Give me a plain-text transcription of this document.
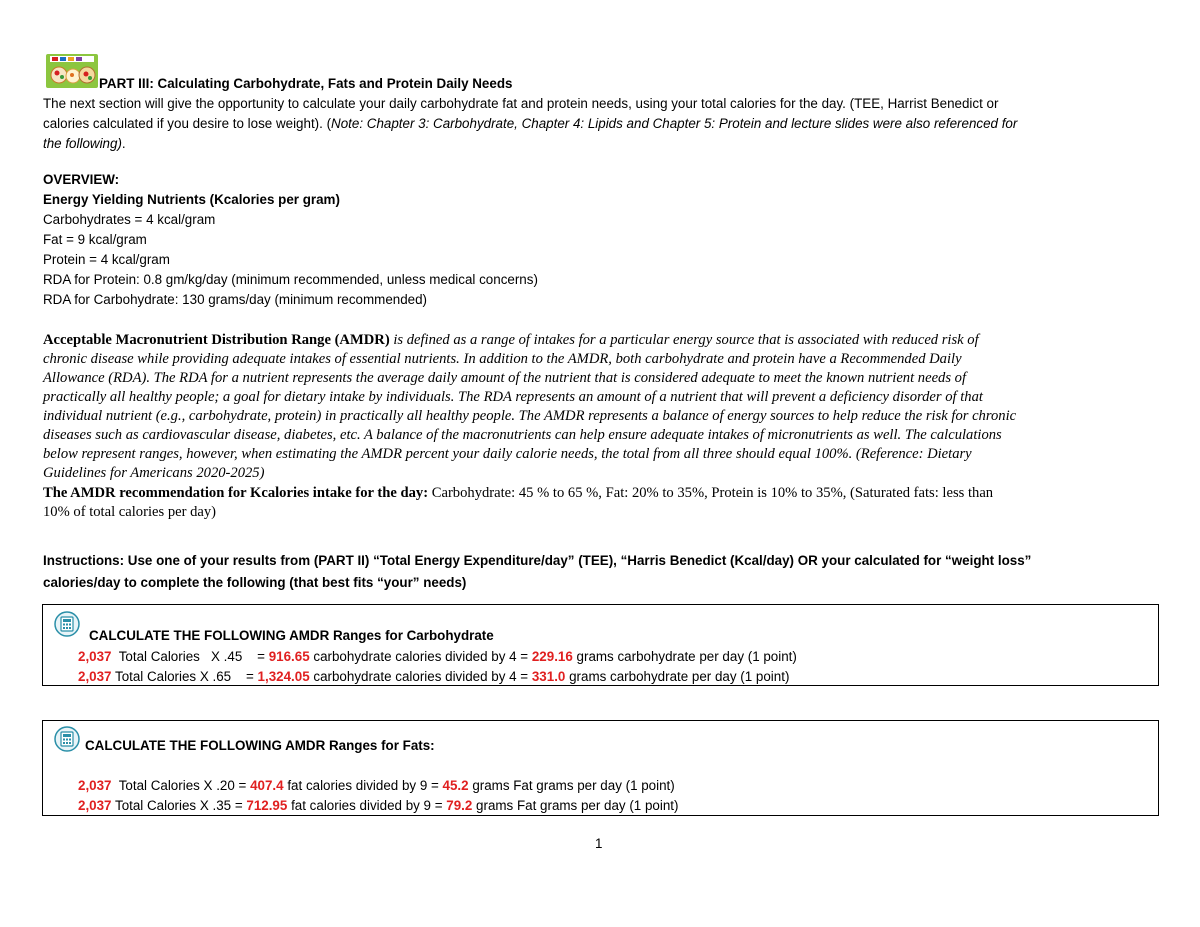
PART III: Calculating Carbohydrate, Fats and Protein Daily Needs
The next section will give the opportunity to calculate your daily carbohydrate fat and protein needs, using your total calories for the day. (TEE, Harrist Benedict or
calories calculated if you desire to lose weight). (Note: Chapter 3: Carbohydrate, Chapter 4: Lipids and Chapter 5: Protein and lecture slides were also referenced for
the following).
OVERVIEW:
Energy Yielding Nutrients (Kcalories per gram)
Carbohydrates = 4 kcal/gram
Fat = 9 kcal/gram
Protein = 4 kcal/gram
RDA for Protein: 0.8 gm/kg/day (minimum recommended, unless medical concerns)
RDA for Carbohydrate: 130 grams/day (minimum recommended)
Acceptable Macronutrient Distribution Range (AMDR) is defined as a range of intakes for a particular energy source that is associated with reduced risk of
chronic disease while providing adequate intakes of essential nutrients. In addition to the AMDR, both carbohydrate and protein have a Recommended Daily
Allowance (RDA). The RDA for a nutrient represents the average daily amount of the nutrient that is considered adequate to meet the known nutrient needs of
practically all healthy people; a goal for dietary intake by individuals. The RDA represents an amount of a nutrient that will prevent a deficiency disorder of that
individual nutrient (e.g., carbohydrate, protein) in practically all healthy people. The AMDR represents a balance of energy sources to help reduce the risk for chronic
diseases such as cardiovascular disease, diabetes, etc. A balance of the macronutrients can help ensure adequate intakes of micronutrients as well. The calculations
below represent ranges, however, when estimating the AMDR percent your daily calorie needs, the total from all three should equal 100%. (Reference: Dietary
Guidelines for Americans 2020-2025)
The AMDR recommendation for Kcalories intake for the day: Carbohydrate: 45 % to 65 %, Fat: 20% to 35%, Protein is 10% to 35%, (Saturated fats: less than
10% of total calories per day)
Instructions: Use one of your results from (PART II) “Total Energy Expenditure/day” (TEE), “Harris Benedict (Kcal/day) OR your calculated for “weight loss”
calories/day to complete the following (that best fits “your” needs)
CALCULATE THE FOLLOWING AMDR Ranges for Carbohydrate
2,037  Total Calories   X .45    = 916.65 carbohydrate calories divided by 4 = 229.16 grams carbohydrate per day (1 point)
2,037 Total Calories X .65    = 1,324.05 carbohydrate calories divided by 4 = 331.0 grams carbohydrate per day (1 point)
CALCULATE THE FOLLOWING AMDR Ranges for Fats:
2,037  Total Calories X .20 = 407.4 fat calories divided by 9 = 45.2 grams Fat grams per day (1 point)
2,037 Total Calories X .35 = 712.95 fat calories divided by 9 = 79.2 grams Fat grams per day (1 point)
1
